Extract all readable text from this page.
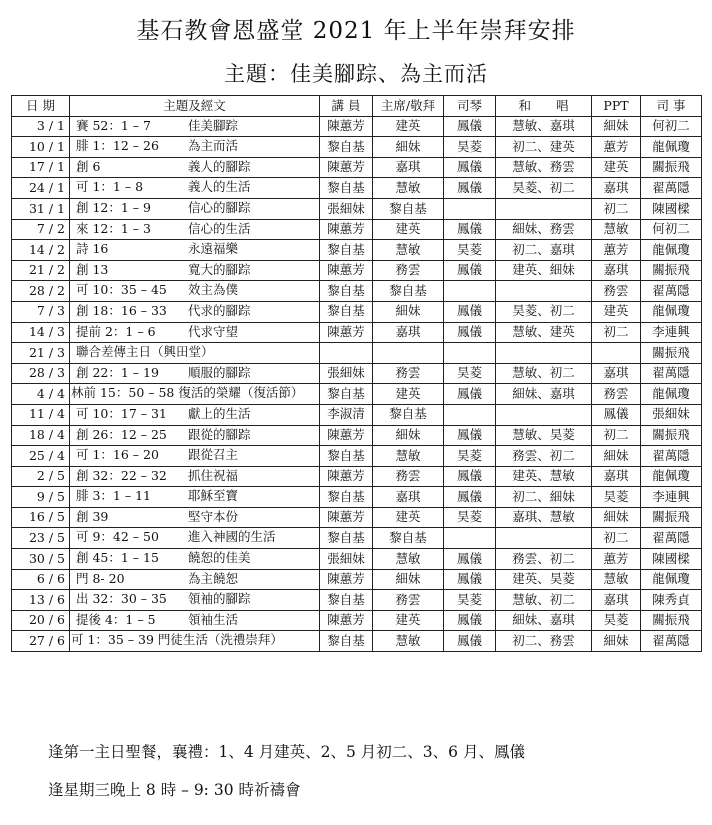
基石教會恩盛堂 2021 年上半年崇拜安排
主題：佳美腳踪、為主而活
日 期	主題及經文	講 員	主席/敬拜	司琴	和　　唱	PPT	司 事
3 / 1	賽 52：1 – 7 佳美腳踪	陳蕙芳	建英	鳳儀	慧敏、嘉琪	細妹	何初二
10 / 1	腓 1：12 – 26 為主而活	黎自基	細妹	昊菱	初二、建英	蕙芳	龍佩瓊
17 / 1	創 6 義人的腳踪	陳蕙芳	嘉琪	鳳儀	慧敏、務雲	建英	關振飛
24 / 1	可 1：1 – 8 義人的生活	黎自基	慧敏	鳳儀	昊菱、初二	嘉琪	翟萬隱
31 / 1	創 12：1 – 9 信心的腳踪	張細妹	黎自基			初二	陳國樑
7 / 2	來 12：1 – 3 信心的生活	陳蕙芳	建英	鳳儀	細妹、務雲	慧敏	何初二
14 / 2	詩 16 永遠福樂	黎自基	慧敏	昊菱	初二、嘉琪	蕙芳	龍佩瓊
21 / 2	創 13 寬大的腳踪	陳蕙芳	務雲	鳳儀	建英、細妹	嘉琪	關振飛
28 / 2	可 10：35 – 45 效主為僕	黎自基	黎自基			務雲	翟萬隱
7 / 3	創 18：16 – 33 代求的腳踪	黎自基	細妹	鳳儀	昊菱、初二	建英	龍佩瓊
14 / 3	提前 2：1 – 6 代求守望	陳蕙芳	嘉琪	鳳儀	慧敏、建英	初二	李連興
21 / 3	聯合差傳主日（興田堂）						關振飛
28 / 3	創 22：1 – 19 順服的腳踪	張細妹	務雲	昊菱	慧敏、初二	嘉琪	翟萬隱
4 / 4	林前 15：50 – 58 復活的榮耀（復活節）	黎自基	建英	鳳儀	細妹、嘉琪	務雲	龍佩瓊
11 / 4	可 10：17 – 31 獻上的生活	李淑清	黎自基			鳳儀	張細妹
18 / 4	創 26：12 – 25 跟從的腳踪	陳蕙芳	細妹	鳳儀	慧敏、昊菱	初二	關振飛
25 / 4	可 1：16 – 20 跟從召主	黎自基	慧敏	昊菱	務雲、初二	細妹	翟萬隱
2 / 5	創 32：22 – 32 抓住祝福	陳蕙芳	務雲	鳳儀	建英、慧敏	嘉琪	龍佩瓊
9 / 5	腓 3：1 – 11 耶穌至寶	黎自基	嘉琪	鳳儀	初二、細妹	昊菱	李連興
16 / 5	創 39 堅守本份	陳蕙芳	建英	昊菱	嘉琪、慧敏	細妹	關振飛
23 / 5	可 9：42 – 50 進入神國的生活	黎自基	黎自基			初二	翟萬隱
30 / 5	創 45：1 – 15 饒恕的佳美	張細妹	慧敏	鳳儀	務雲、初二	蕙芳	陳國樑
6 / 6	門 8- 20 為主饒恕	陳蕙芳	細妹	鳳儀	建英、昊菱	慧敏	龍佩瓊
13 / 6	出 32：30 – 35 領袖的腳踪	黎自基	務雲	昊菱	慧敏、初二	嘉琪	陳秀貞
20 / 6	提後 4：1 – 5 領袖生活	陳蕙芳	建英	鳳儀	細妹、嘉琪	昊菱	關振飛
27 / 6	可 1：35 – 39 門徒生活（洗禮崇拜）	黎自基	慧敏	鳳儀	初二、務雲	細妹	翟萬隱
逢第一主日聖餐，襄禮：1、4 月建英、2、5 月初二、3、6 月、鳳儀
逢星期三晚上 8 時 – 9: 30 時祈禱會
